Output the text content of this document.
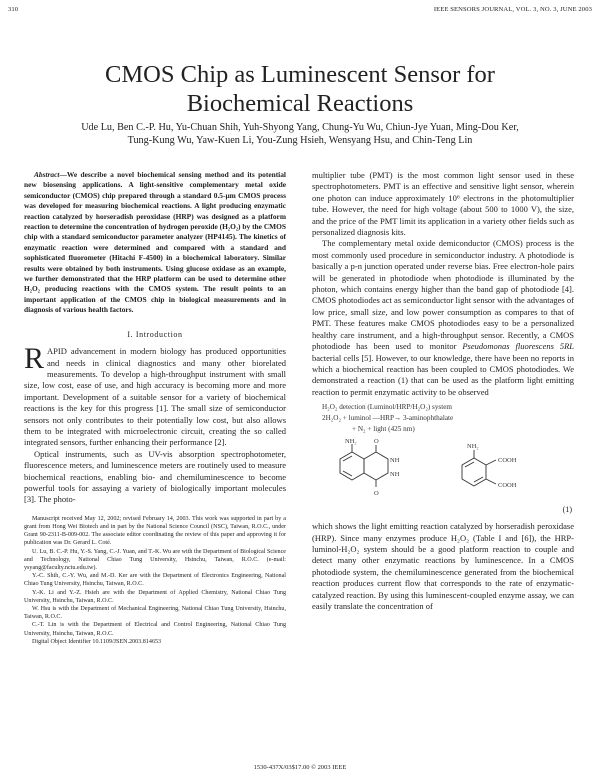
310	IEEE SENSORS JOURNAL, VOL. 3, NO. 3, JUNE 2003
CMOS Chip as Luminescent Sensor for
Biochemical Reactions
Ude Lu, Ben C.-P. Hu, Yu-Chuan Shih, Yuh-Shyong Yang, Chung-Yu Wu, Chiun-Jye Yuan, Ming-Dou Ker,
Tung-Kung Wu, Yaw-Kuen Li, You-Zung Hsieh, Wensyang Hsu, and Chin-Teng Lin
Abstract—We describe a novel biochemical sensing method and its potential new biosensing applications. A light-sensitive complementary metal oxide semiconductor (CMOS) chip prepared through a standard 0.5-μm CMOS process was developed for measuring biochemical reactions. A light producing enzymatic reaction catalyzed by horseradish peroxidase (HRP) was designed as a platform reaction to determine the concentration of hydrogen peroxide (H₂O₂) by the CMOS chip with a standard semiconductor parameter analyzer (HP4145). The kinetics of enzymatic reaction were determined and compared with a standard and sophisticated fluorometer (Hitachi F-4500) in a biochemical laboratory. Similar results were obtained by both instruments. Using glucose oxidase as an example, we further demonstrated that the HRP platform can be used to determine other H₂O₂ producing reactions with the CMOS system. The result points to an important application of the CMOS chip in biological measurements and in diagnosis of various health factors.
I. Introduction

RAPID advancement in modern biology has produced opportunities and needs in clinical diagnostics and many other biorelated measurements. To develop a high-throughput instrument with small size, low cost, ease of use, and high accuracy is becoming more and more important. Development of a suitable sensor for a variety of biochemical reactions is the key for this progress [1]. The small size of semiconductor sensors not only contributes to their potentially low cost, but also allows them to be integrated with microelectronic circuit, creating the so called integrated sensors, further enhancing their performance [2].

Optical instruments, such as UV-vis absorption spectrophotometer, fluorescence meters, and luminescence meters are routinely used to measure biochemical reactions, enabling bio- and chemiluminescence to become powerful tools for assaying a variety of biologically important molecules [3]. The photo-

Manuscript received May 12, 2002; revised February 14, 2003. This work was supported in part by a grant from Hong Wei Biotech and in part by the National Science Council (NSC), Taiwan, R.O.C., under Grant 90-2311-B-009-002. The associate editor coordinating the review of this paper and approving it for publication was Dr. Gerard L. Coté.

U. Lu, B. C.-P. Hu, Y.-S. Yang, C.-J. Yuan, and T.-K. Wu are with the Department of Biological Science and Technology, National Chiao Tung University, Hsinchu, Taiwan, R.O.C. (e-mail: ysyang@faculty.nctu.edu.tw).

Y.-C. Shih, C.-Y. Wu, and M.-D. Ker are with the Department of Electronics Engineering, National Chiao Tung University, Hsinchu, Taiwan, R.O.C.

Y.-K. Li and Y.-Z. Hsieh are with the Department of Applied Chemistry, National Chiao Tung University, Hsinchu, Taiwan, R.O.C.

W. Hsu is with the Department of Mechanical Engineering, National Chiao Tung University, Hsinchu, Taiwan, R.O.C.

C.-T. Lin is with the Department of Electrical and Control Engineering, National Chiao Tung University, Hsinchu, Taiwan, R.O.C.

Digital Object Identifier 10.1109/JSEN.2003.814653

multiplier tube (PMT) is the most common light sensor used in these spectrophotometers. PMT is an effective and sensitive light sensor, wherein one photon can induce approximately 10⁶ electrons in the photomultiplier tube. However, the need for high voltage (about 500 to 1000 V), the size, and the price of the PMT limit its application in a variety other fields such as personalized diagnosis kits.

The complementary metal oxide demiconductor (CMOS) process is the most commonly used procedure in semiconductor industry. A photodiode is basically a p-n junction operated under reverse bias. Free electron-hole pairs will be generated in photodiode when photodiode is illuminated by the photon, which contains energy higher than the band gap of photodiode [4]. CMOS photodiodes act as semiconductor light sensor with the advantages of low price, small size, and low power consumption as compares to that of PMT. These features make CMOS photodiodes easy to be a personalized healthy care instrument, and a high-throughput sensor. Recently, a CMOS photodiode has been used to monitor Pseudomonas fluorescens 5RL bacterial cells [5]. However, to our knowledge, there have been no reports in which a biochemical reaction has been coupled to CMOS photodiodes. We demonstrated a reaction (1) that can be used as the platform light emitting reaction to permit enzymatic activity to be observed

H₂O₂ detection (Luminol/HRP/H₂O₂) system
2H₂O₂ + luminol —HRP→ 3-aminophthalate
+ N₂ + light (425 nm)
NH₂	O
O
NH
NH
NH₂
COOH
COOH
(1)

which shows the light emitting reaction catalyzed by horseradish peroxidase (HRP). Since many enzymes produce H₂O₂ (Table I and [6]), the HRP-luminol-H₂O₂ system should be a good platform reaction to couple and detect many other enzymatic reactions by luminescence. In a CMOS photodiode system, the chemiluminescence generated from the biochemical reaction produces current flow that corresponds to the rate of enzymatic-catalyzed reaction. By using this luminescent-coupled enzyme assay, we can easily translate the concentration of

1530-437X/03$17.00 © 2003 IEEE
